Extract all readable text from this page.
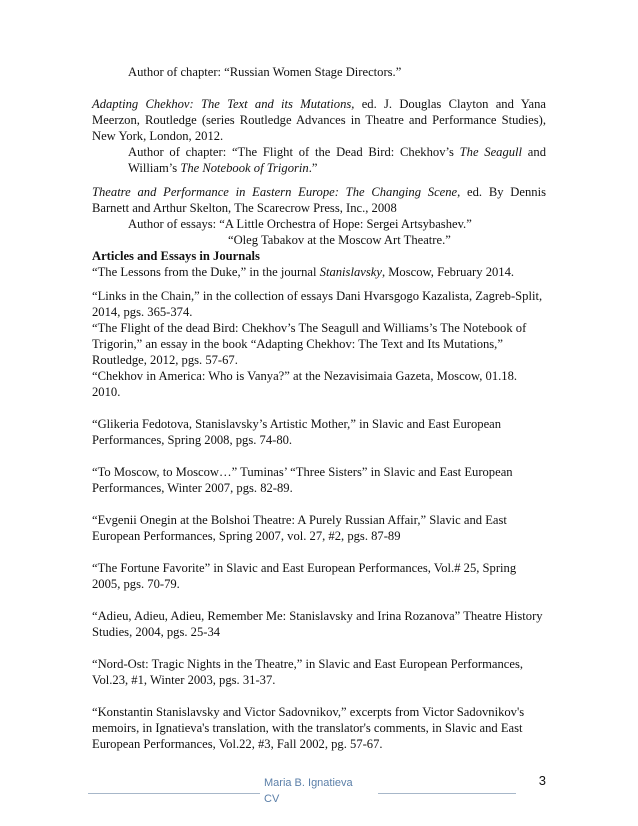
Author of chapter: “Russian Women Stage Directors.”

Adapting Chekhov: The Text and its Mutations, ed. J. Douglas Clayton and Yana Meerzon, Routledge (series Routledge Advances in Theatre and Performance Studies), New York, London, 2012.

Author of chapter: “The Flight of the Dead Bird: Chekhov’s The Seagull and William’s The Notebook of Trigorin.”

Theatre and Performance in Eastern Europe: The Changing Scene, ed. By Dennis Barnett and Arthur Skelton, The Scarecrow Press, Inc., 2008

Author of essays: “A Little Orchestra of Hope: Sergei Artsybashev.”

“Oleg Tabakov at the Moscow Art Theatre.”

Articles and Essays in Journals

“The Lessons from the Duke,” in the journal Stanislavsky, Moscow, February 2014.

“Links in the Chain,” in the collection of essays Dani Hvarsgogo Kazalista, Zagreb-Split, 2014, pgs. 365-374.

“The Flight of the dead Bird: Chekhov’s The Seagull and Williams’s The Notebook of Trigorin,” an essay in the book “Adapting Chekhov: The Text and Its Mutations,” Routledge, 2012, pgs. 57-67.

“Chekhov in America: Who is Vanya?” at the Nezavisimaia Gazeta, Moscow, 01.18. 2010.

“Glikeria Fedotova, Stanislavsky’s Artistic Mother,” in Slavic and East European Performances, Spring 2008, pgs. 74-80.

“To Moscow, to Moscow…” Tuminas’ “Three Sisters” in Slavic and East European Performances, Winter 2007, pgs. 82-89.

“Evgenii Onegin at the Bolshoi Theatre: A Purely Russian Affair,” Slavic and East European Performances, Spring 2007, vol. 27, #2, pgs. 87-89

“The Fortune Favorite” in Slavic and East European Performances, Vol.# 25, Spring 2005, pgs. 70-79.

“Adieu, Adieu, Adieu, Remember Me: Stanislavsky and Irina Rozanova” Theatre History Studies, 2004, pgs. 25-34

“Nord-Ost: Tragic Nights in the Theatre,” in Slavic and East European Performances, Vol.23, #1, Winter 2003, pgs. 31-37.

Maria B. Ignatieva
CV
3

“Konstantin Stanislavsky and Victor Sadovnikov,” excerpts from Victor Sadovnikov's memoirs, in Ignatieva's translation, with the translator's comments, in Slavic and East European Performances, Vol.22, #3, Fall 2002, pg. 57-67.
